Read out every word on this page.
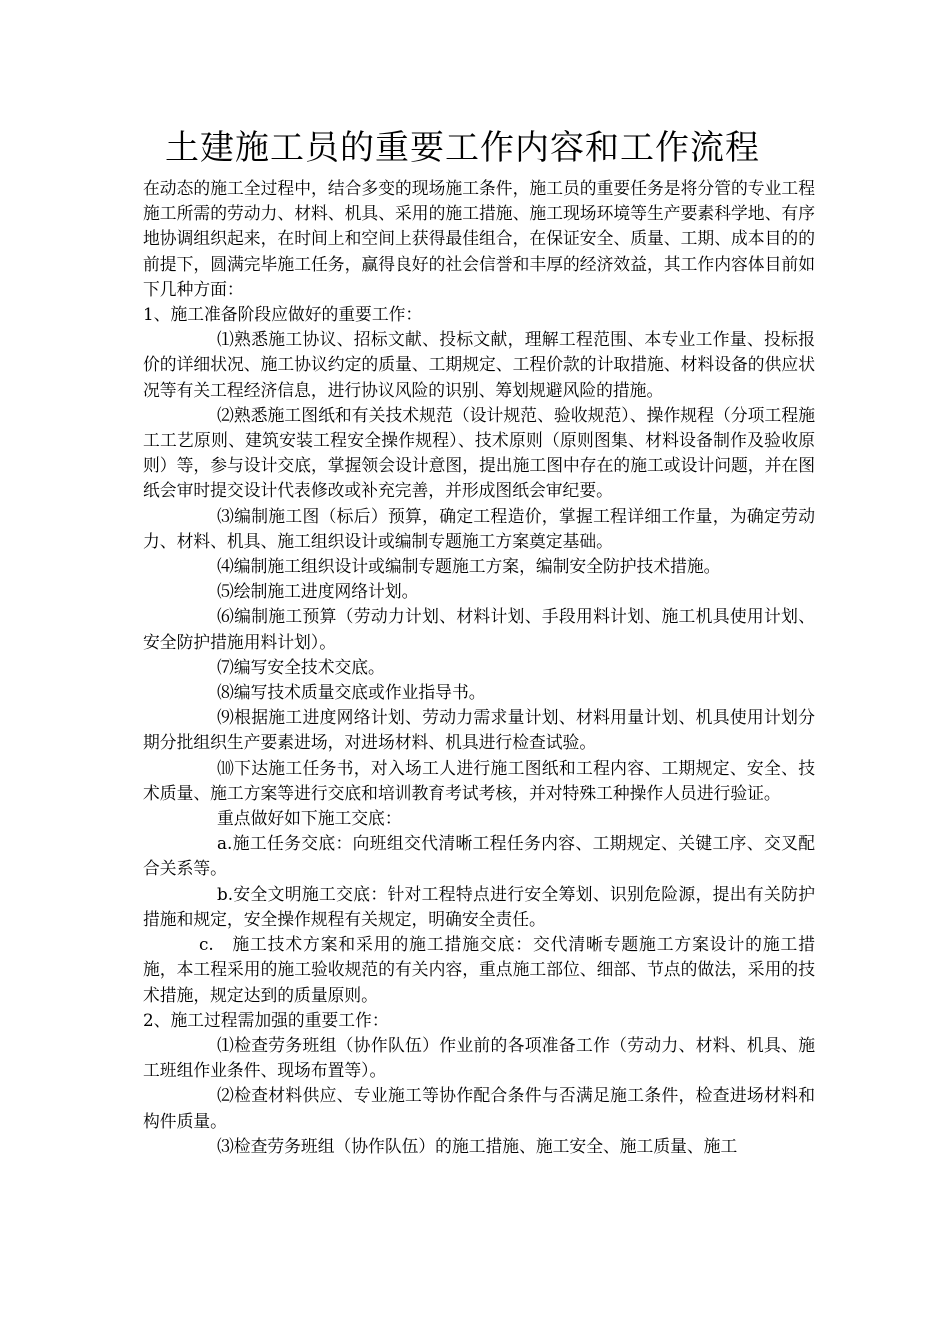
土建施工员的重要工作内容和工作流程

在动态的施工全过程中，结合多变的现场施工条件，施工员的重要任务是将分管的专业工程施工所需的劳动力、材料、机具、采用的施工措施、施工现场环境等生产要素科学地、有序地协调组织起来，在时间上和空间上获得最佳组合，在保证安全、质量、工期、成本目的的前提下，圆满完毕施工任务，赢得良好的社会信誉和丰厚的经济效益，其工作内容体目前如下几种方面：

1、施工准备阶段应做好的重要工作：

⑴熟悉施工协议、招标文献、投标文献，理解工程范围、本专业工作量、投标报价的详细状况、施工协议约定的质量、工期规定、工程价款的计取措施、材料设备的供应状况等有关工程经济信息，进行协议风险的识别、筹划规避风险的措施。

⑵熟悉施工图纸和有关技术规范（设计规范、验收规范）、操作规程（分项工程施工工艺原则、建筑安装工程安全操作规程）、技术原则（原则图集、材料设备制作及验收原则）等，参与设计交底，掌握领会设计意图，提出施工图中存在的施工或设计问题，并在图纸会审时提交设计代表修改或补充完善，并形成图纸会审纪要。

⑶编制施工图（标后）预算，确定工程造价，掌握工程详细工作量，为确定劳动力、材料、机具、施工组织设计或编制专题施工方案奠定基础。

⑷编制施工组织设计或编制专题施工方案，编制安全防护技术措施。

⑸绘制施工进度网络计划。

⑹编制施工预算（劳动力计划、材料计划、手段用料计划、施工机具使用计划、安全防护措施用料计划）。

⑺编写安全技术交底。

⑻编写技术质量交底或作业指导书。

⑼根据施工进度网络计划、劳动力需求量计划、材料用量计划、机具使用计划分期分批组织生产要素进场，对进场材料、机具进行检查试验。

⑽下达施工任务书，对入场工人进行施工图纸和工程内容、工期规定、安全、技术质量、施工方案等进行交底和培训教育考试考核，并对特殊工种操作人员进行验证。

重点做好如下施工交底：

a.施工任务交底：向班组交代清晰工程任务内容、工期规定、关键工序、交叉配合关系等。

b.安全文明施工交底：针对工程特点进行安全筹划、识别危险源，提出有关防护措施和规定，安全操作规程有关规定，明确安全责任。

c.　施工技术方案和采用的施工措施交底：交代清晰专题施工方案设计的施工措施，本工程采用的施工验收规范的有关内容，重点施工部位、细部、节点的做法，采用的技术措施，规定达到的质量原则。

2、施工过程需加强的重要工作：

⑴检查劳务班组（协作队伍）作业前的各项准备工作（劳动力、材料、机具、施工班组作业条件、现场布置等）。

⑵检查材料供应、专业施工等协作配合条件与否满足施工条件，检查进场材料和构件质量。

⑶检查劳务班组（协作队伍）的施工措施、施工安全、施工质量、施工
